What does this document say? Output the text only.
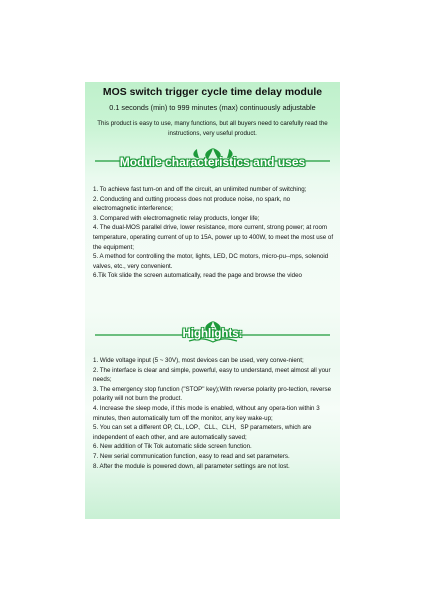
MOS switch trigger cycle time delay module
0.1 seconds (min) to 999 minutes (max) continuously adjustable
This product is easy to use, many functions, but all buyers need to carefully read the instructions, very useful product.
Module characteristics and uses
1. To achieve fast turn-on and off the circuit, an unlimited number of switching;
2. Conducting and cutting process does not produce noise, no spark, no electromagnetic interference;
3. Compared with electromagnetic relay products, longer life;
4. The dual-MOS parallel drive, lower resistance, more current, strong power; at room temperature, operating current of up to 15A, power up to 400W, to meet the most use of the equipment;
5. A method for controlling the motor, lights, LED, DC motors, micro-pu--mps, solenoid valves, etc., very convenient.
6.Tik Tok slide the screen automatically, read the page and browse the video
Highlights:
1. Wide voltage input (5 ~ 30V), most devices can be used, very conve-nient;
2. The interface is clear and simple, powerful, easy to understand, meet almost all your needs;
3. The emergency stop function ("STOP" key);With reverse polarity pro-tection, reverse polarity will not burn the product.
4. Increase the sleep mode, if this mode is enabled, without any opera-tion within 3 minutes, then automatically turn off the monitor, any key wake-up;
5. You can set a different OP, CL, LOP、CLL、CLH、SP parameters, which are independent of each other, and are automatically saved;
6. New addition of Tik Tok automatic slide screen function.
7. New serial communication function, easy to read and set parameters.
8. After the module is powered down, all parameter settings are not lost.
